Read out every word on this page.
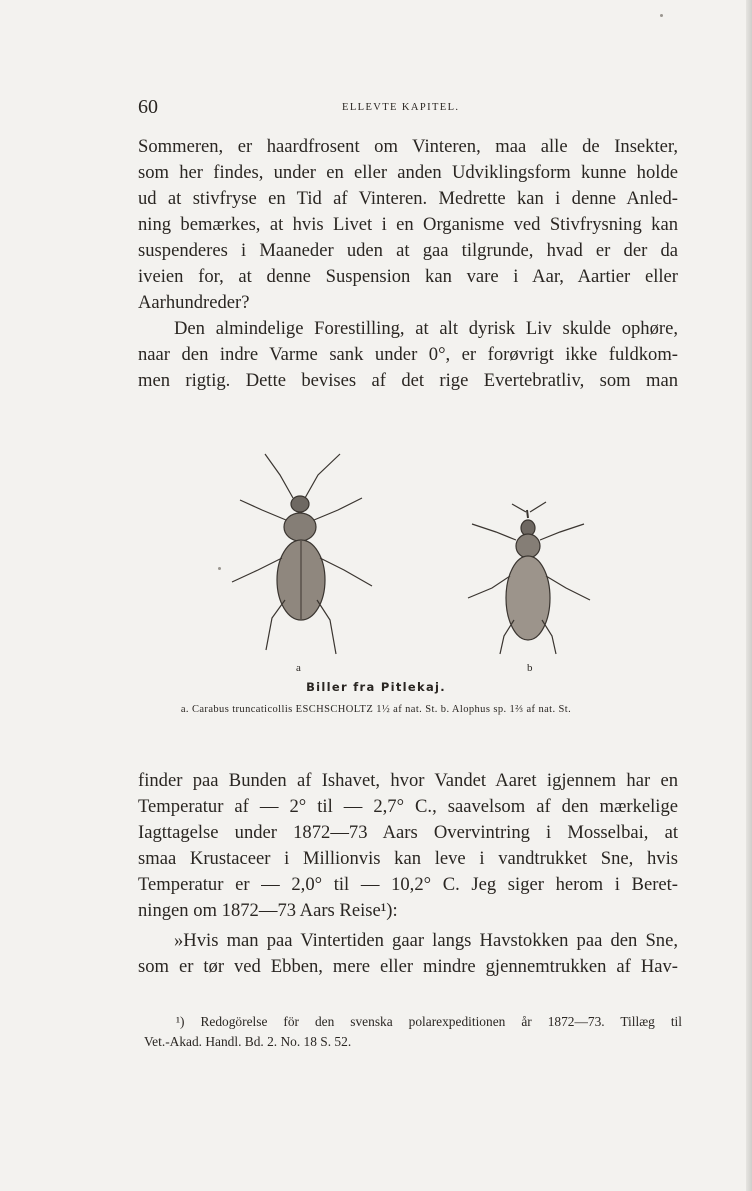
60	ELLEVTE KAPITEL.
Sommeren, er haardfrosent om Vinteren, maa alle de Insekter,
som her findes, under en eller anden Udviklingsform kunne holde
ud at stivfryse en Tid af Vinteren. Medrette kan i denne Anled-
ning bemærkes, at hvis Livet i en Organisme ved Stivfrysning kan
suspenderes i Maaneder uden at gaa tilgrunde, hvad er der da
iveien for, at denne Suspension kan vare i Aar, Aartier eller
Aarhundreder?
Den almindelige Forestilling, at alt dyrisk Liv skulde ophøre,
naar den indre Varme sank under 0°, er forøvrigt ikke fuldkom-
men rigtig. Dette bevises af det rige Evertebratliv, som man
a	b
Biller fra Pitlekaj.
a. Carabus truncaticollis ESCHSCHOLTZ 1½ af nat. St. b. Alophus sp. 1⅔ af nat. St.
finder paa Bunden af Ishavet, hvor Vandet Aaret igjennem har en
Temperatur af — 2° til — 2,7° C., saavelsom af den mærkelige
Iagttagelse under 1872—73 Aars Overvintring i Mosselbai, at
smaa Krustaceer i Millionvis kan leve i vandtrukket Sne, hvis
Temperatur er — 2,0° til — 10,2° C. Jeg siger herom i Beret-
ningen om 1872—73 Aars Reise¹):
»Hvis man paa Vintertiden gaar langs Havstokken paa den Sne,
som er tør ved Ebben, mere eller mindre gjennemtrukken af Hav-
¹) Redogörelse för den svenska polarexpeditionen år 1872—73. Tillæg til
Vet.-Akad. Handl. Bd. 2. No. 18 S. 52.
